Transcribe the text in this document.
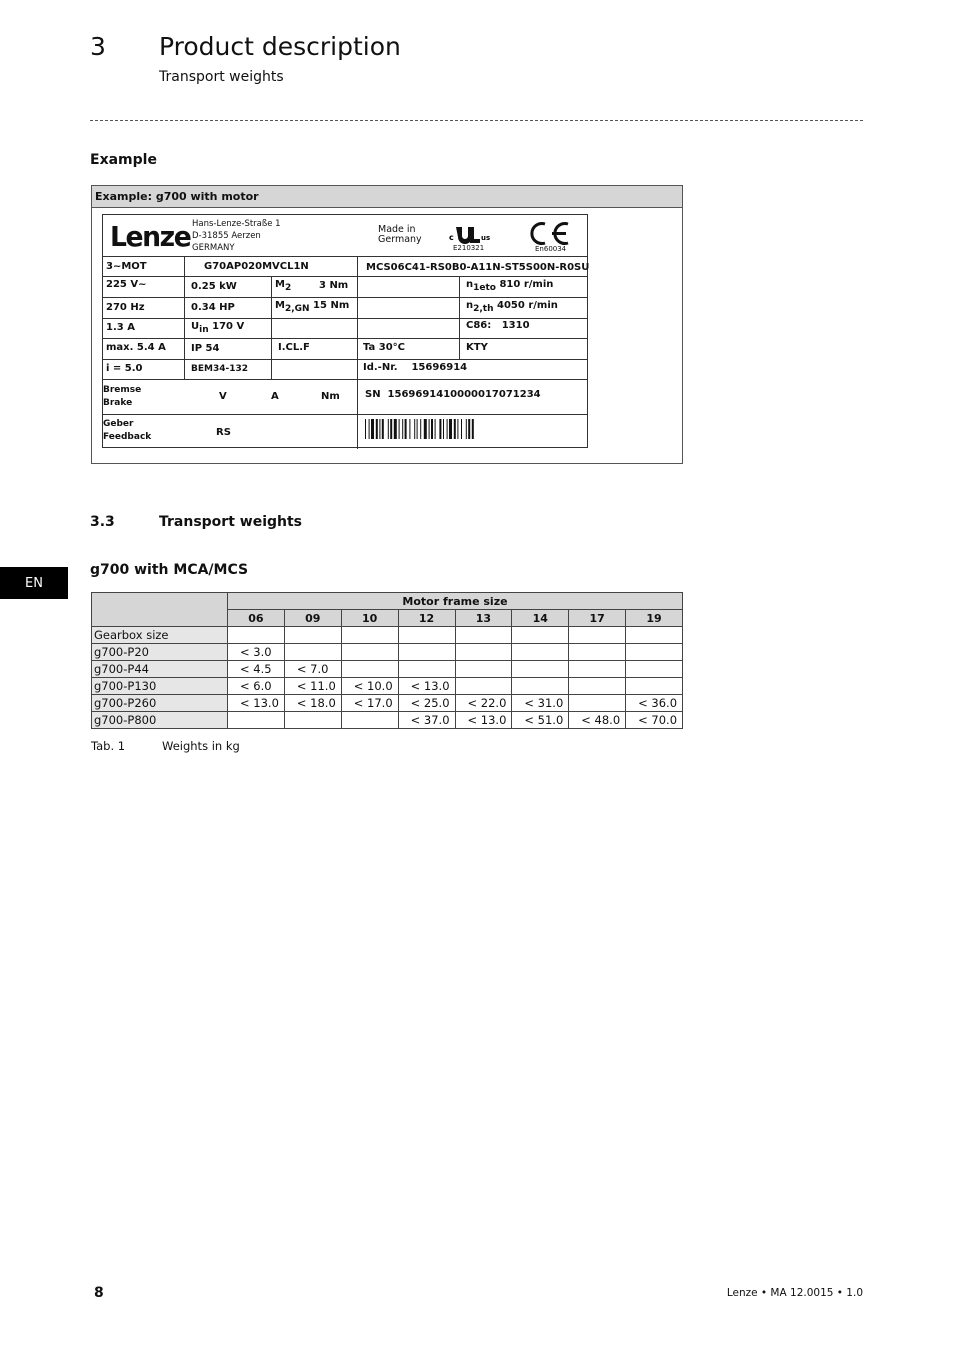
3 Product description
Transport weights
Example
Example: g700 with motor
Lenze Hans-Lenze-Straße 1
D-31855 Aerzen
GERMANY
Made in
Germany	c	us
E210321	En60034
3~MOT	G70AP020MVCL1N	MCS06C41-RS0B0-A11N-ST5S00N-R0SU
225 V~	0.25 kW	M2	3 Nm	n1eto 810 r/min
270 Hz	0.34 HP	M2,GN 15 Nm	n2,th 4050 r/min
1.3 A	Uin 170 V	C86: 1310
max. 5.4 A	IP 54	I.CL.F	Ta 30°C	KTY
i = 5.0	BEM34-132	Id.-Nr. 15696914
Bremse
Brake
V	A	Nm	SN 1569691410000017071234
Geber
Feedback	RS
3.3	Transport weights
g700 with MCA/MCS
EN
	Motor frame size							
	06	09	10	12	13	14	17	19
Gearbox size								
g700-P20	< 3.0							
g700-P44	< 4.5	< 7.0						
g700-P130	< 6.0	< 11.0	< 10.0	< 13.0				
g700-P260	< 13.0	< 18.0	< 17.0	< 25.0	< 22.0	< 31.0		< 36.0
g700-P800				< 37.0	< 13.0	< 51.0	< 48.0	< 70.0
Tab. 1	Weights in kg
8	Lenze • MA 12.0015 • 1.0
